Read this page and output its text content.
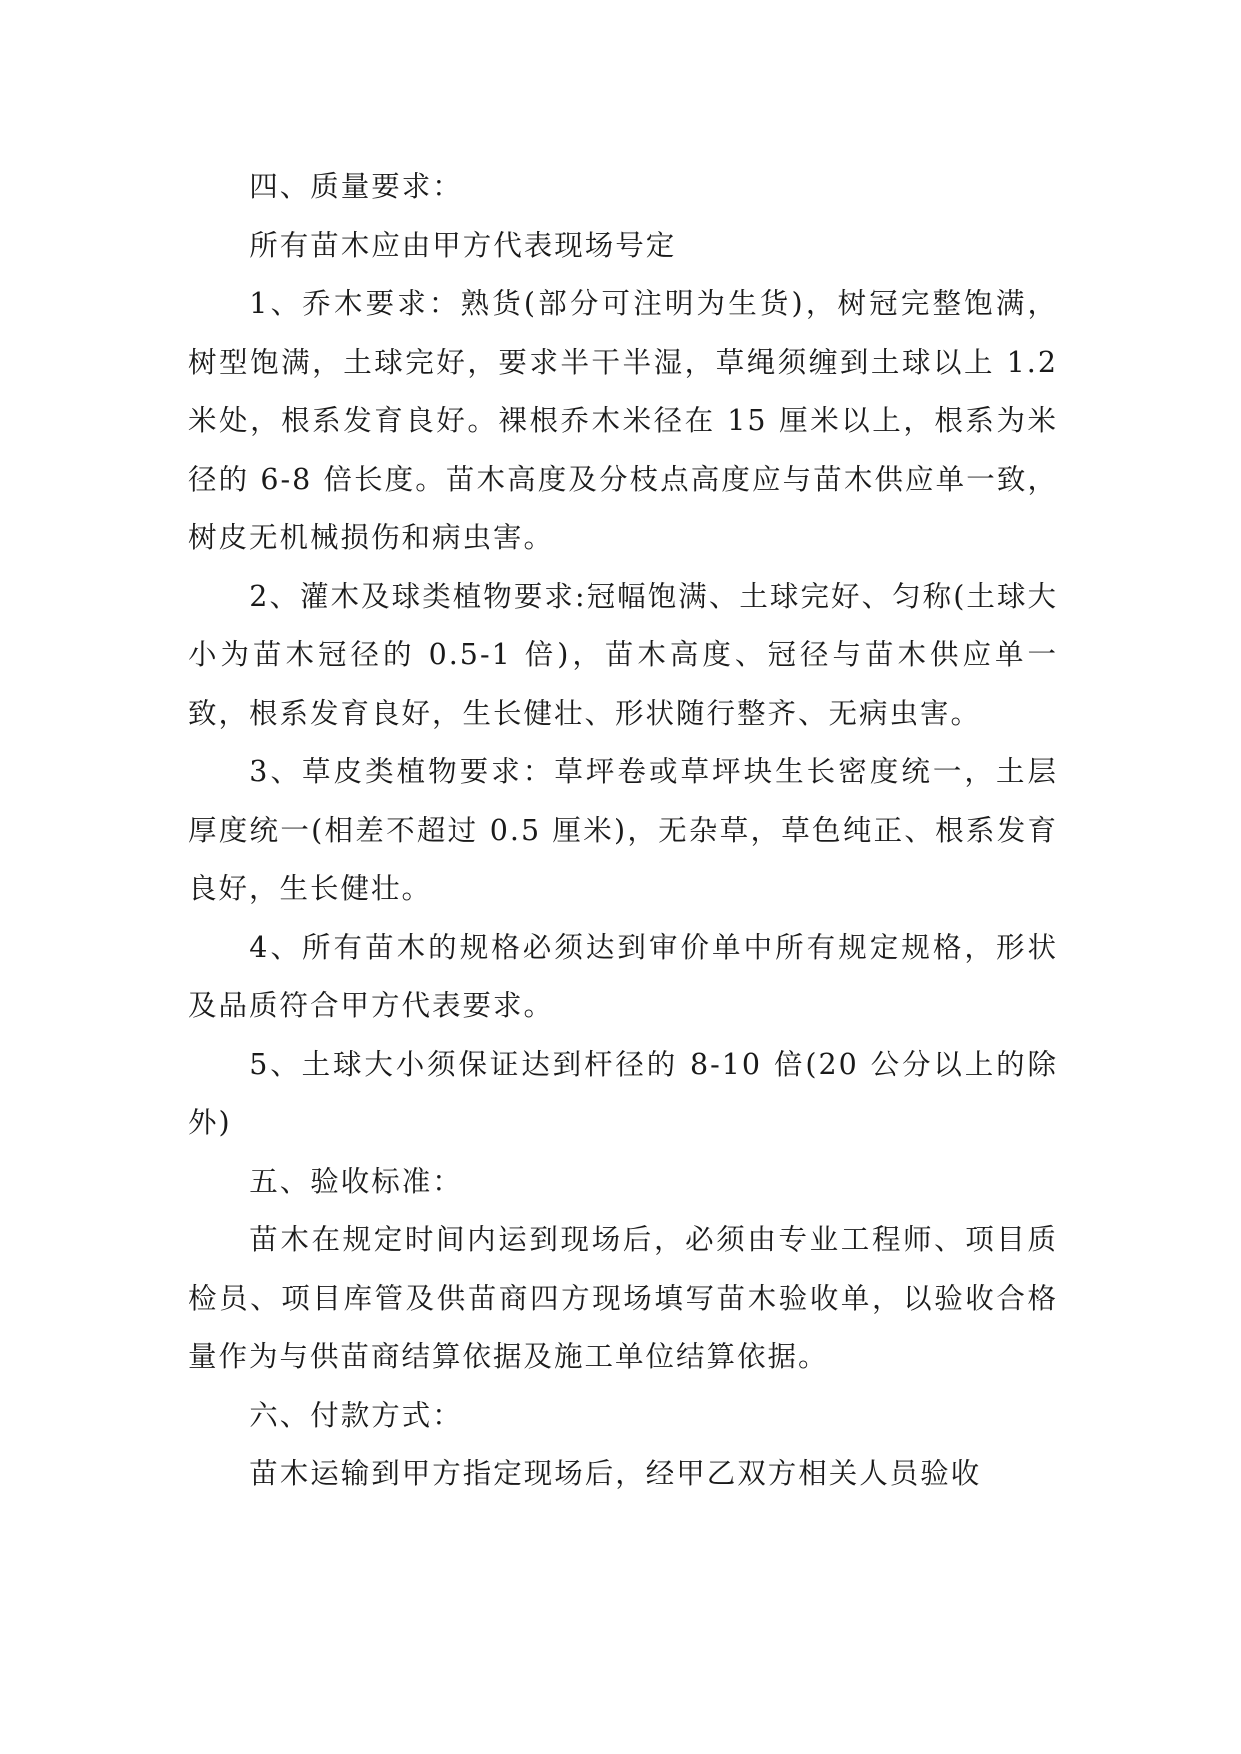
四、质量要求：

所有苗木应由甲方代表现场号定

1、乔木要求：熟货(部分可注明为生货)，树冠完整饱满，树型饱满，土球完好，要求半干半湿，草绳须缠到土球以上 1.2 米处，根系发育良好。裸根乔木米径在 15 厘米以上，根系为米径的 6-8 倍长度。苗木高度及分枝点高度应与苗木供应单一致，树皮无机械损伤和病虫害。

2、灌木及球类植物要求:冠幅饱满、土球完好、匀称(土球大小为苗木冠径的 0.5-1 倍)，苗木高度、冠径与苗木供应单一致，根系发育良好，生长健壮、形状随行整齐、无病虫害。

3、草皮类植物要求：草坪卷或草坪块生长密度统一，土层厚度统一(相差不超过 0.5 厘米)，无杂草，草色纯正、根系发育良好，生长健壮。

4、所有苗木的规格必须达到审价单中所有规定规格，形状及品质符合甲方代表要求。

5、土球大小须保证达到杆径的 8-10 倍(20 公分以上的除外)

五、验收标准：

苗木在规定时间内运到现场后，必须由专业工程师、项目质检员、项目库管及供苗商四方现场填写苗木验收单，以验收合格量作为与供苗商结算依据及施工单位结算依据。

六、付款方式：

苗木运输到甲方指定现场后，经甲乙双方相关人员验收
